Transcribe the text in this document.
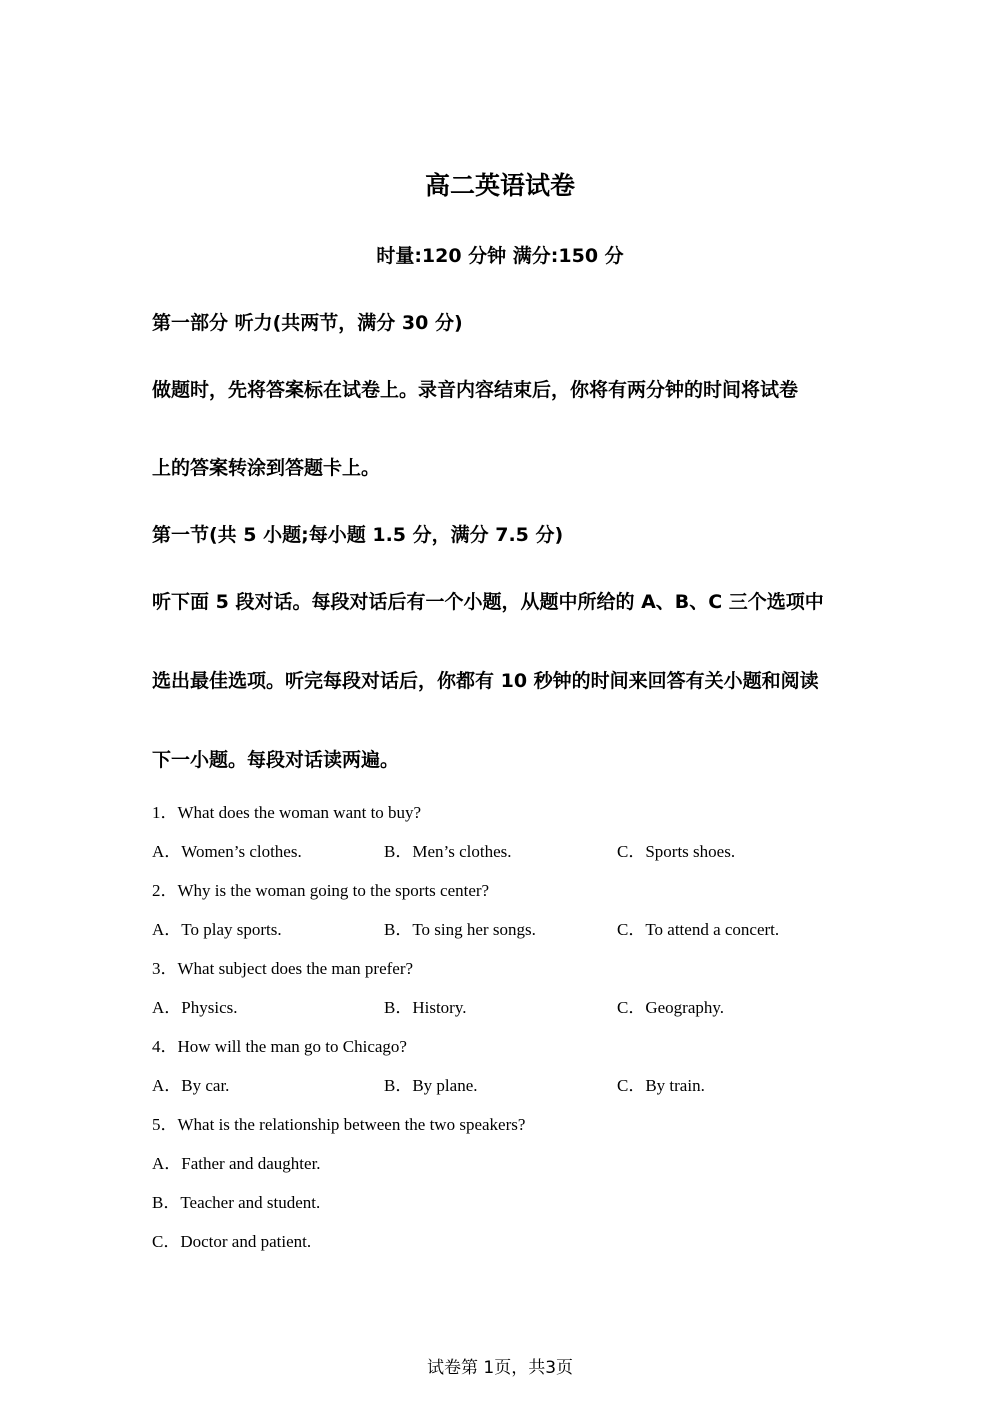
高二英语试卷
时量:120 分钟 满分:150 分
第一部分 听力(共两节，满分 30 分)
做题时，先将答案标在试卷上。录音内容结束后，你将有两分钟的时间将试卷
上的答案转涂到答题卡上。
第一节(共 5 小题;每小题 1.5 分，满分 7.5 分)
听下面 5 段对话。每段对话后有一个小题，从题中所给的 A、B、C 三个选项中
选出最佳选项。听完每段对话后，你都有 10 秒钟的时间来回答有关小题和阅读
下一小题。每段对话读两遍。
1．What does the woman want to buy?
A．Women’s clothes.	B．Men’s clothes.	C．Sports shoes.
2．Why is the woman going to the sports center?
A．To play sports.	B．To sing her songs.	C．To attend a concert.
3．What subject does the man prefer?
A．Physics.	B．History.	C．Geography.
4．How will the man go to Chicago?
A．By car.	B．By plane.	C．By train.
5．What is the relationship between the two speakers?
A．Father and daughter.
B．Teacher and student.
C．Doctor and patient.
试卷第 1页，共3页
